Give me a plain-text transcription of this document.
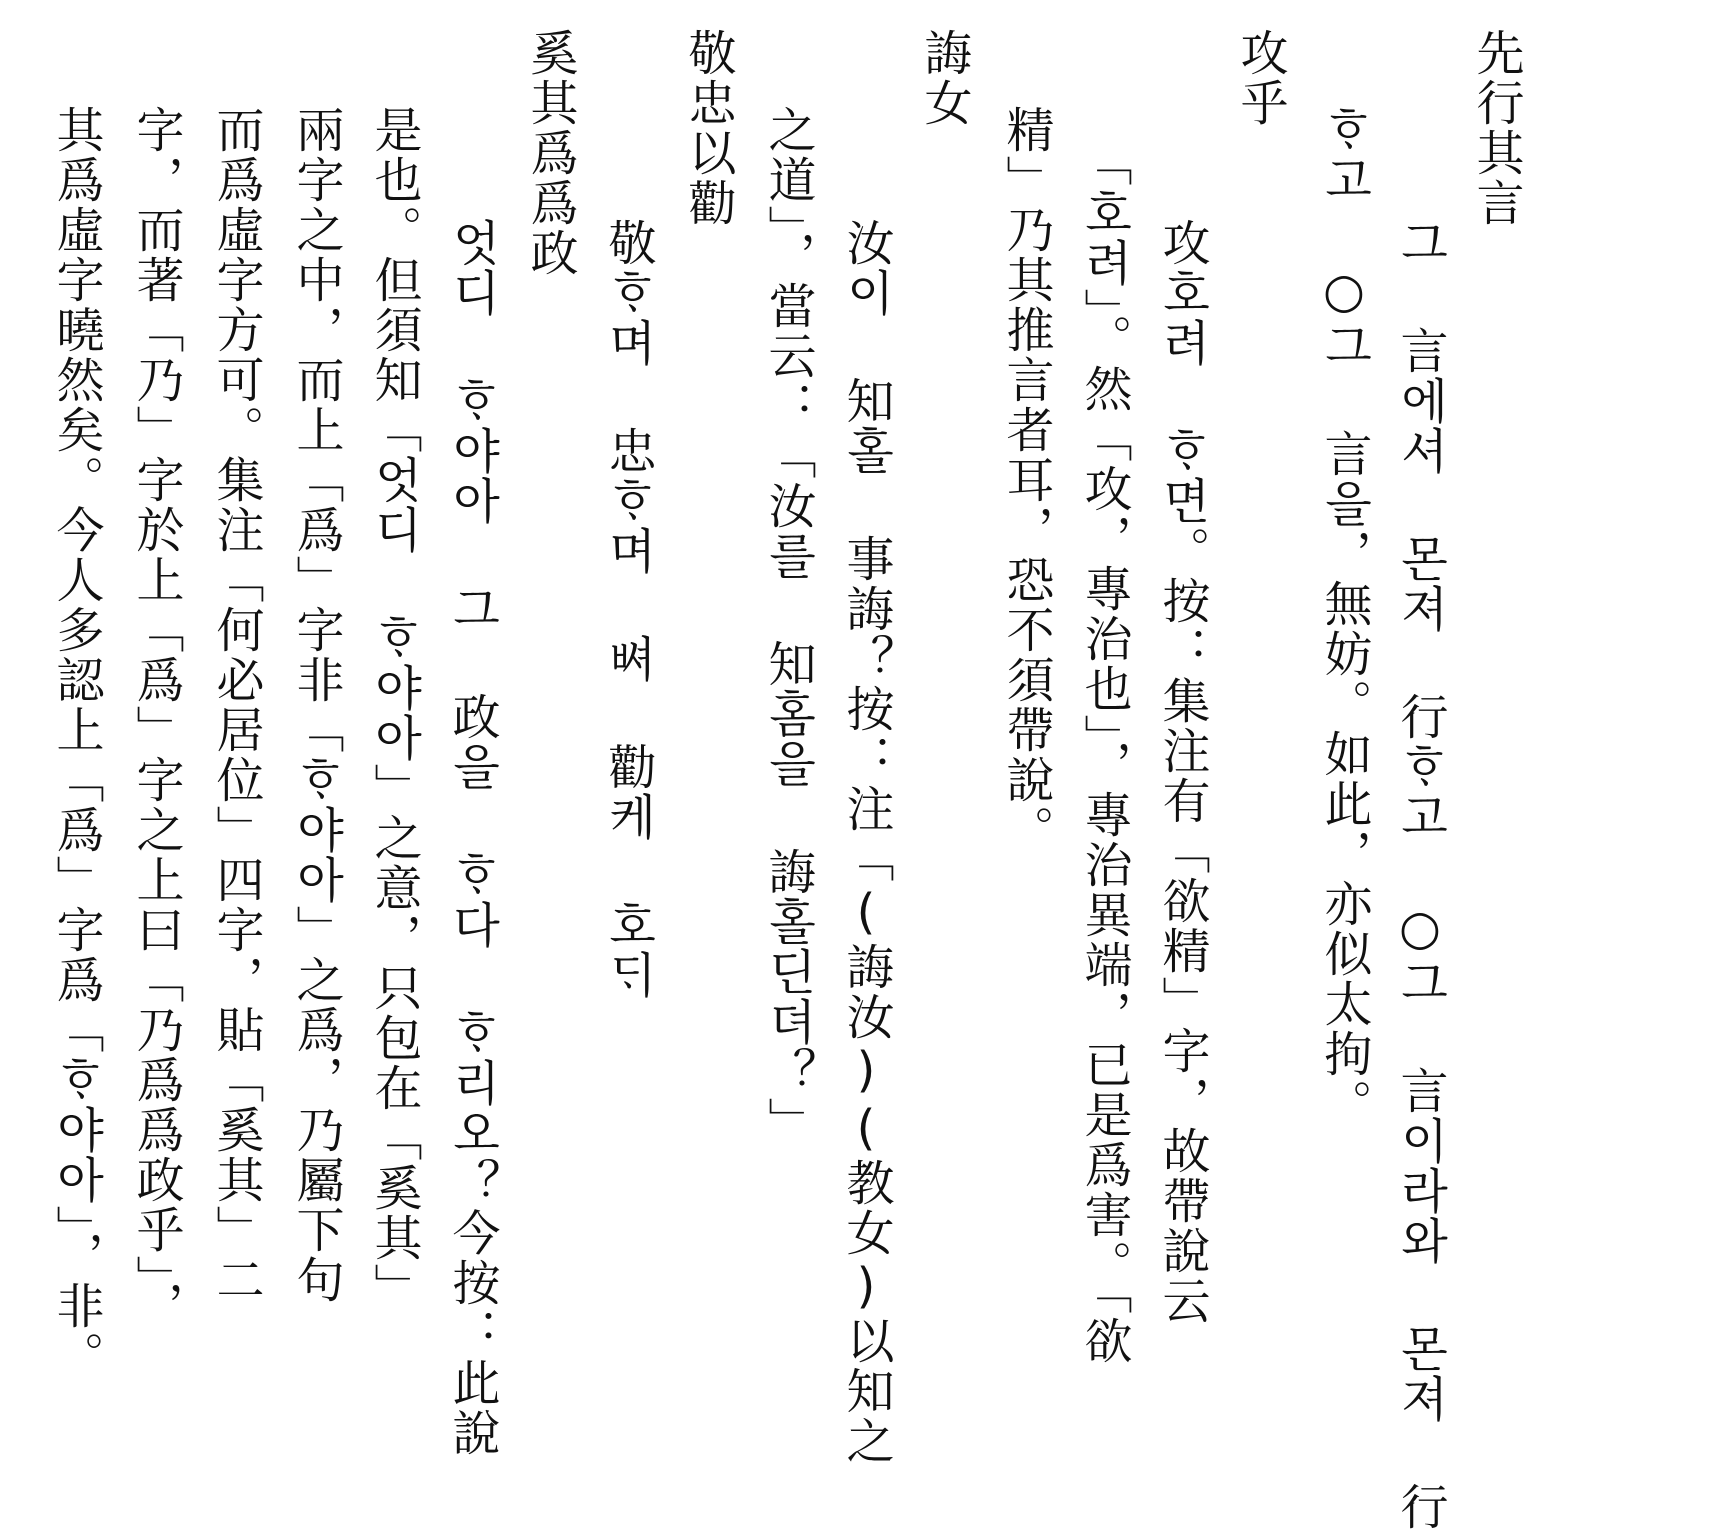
先行其言
그 言에셔 몬져 行ᄒᆞ고 ○그 言이라와 몬져 行
ᄒᆞ고 ○그 言을，無妨。如此，亦似太拘。
攻乎
攻호려 ᄒᆞ면。按：集注有「欲精」字，故帶說云
「호려」。然「攻，專治也」，專治異端，已是爲害。「欲
精」乃其推言者耳，恐不須帶說。
誨女
汝이 知홀 事誨？按：注「(誨汝)(教女)以知之
之道」，當云：「汝를 知홈을 誨홀딘뎌？」
敬忠以勸
敬ᄒᆞ며 忠ᄒᆞ며 ᄡᅧ 勸케 호ᄃᆡ
奚其爲爲政
엇디 ᄒᆞ야아 그 政을 ᄒᆞ다 ᄒᆞ리오？今按：此說
是也。但須知「엇디 ᄒᆞ야아」之意，只包在「奚其」
兩字之中，而上「爲」字非「ᄒᆞ야아」之爲，乃屬下句
而爲虛字方可。集注「何必居位」四字，貼「奚其」二
字，而著「乃」字於上「爲」字之上曰「乃爲爲政乎」，
其爲虛字曉然矣。今人多認上「爲」字爲「ᄒᆞ야아」，非。
